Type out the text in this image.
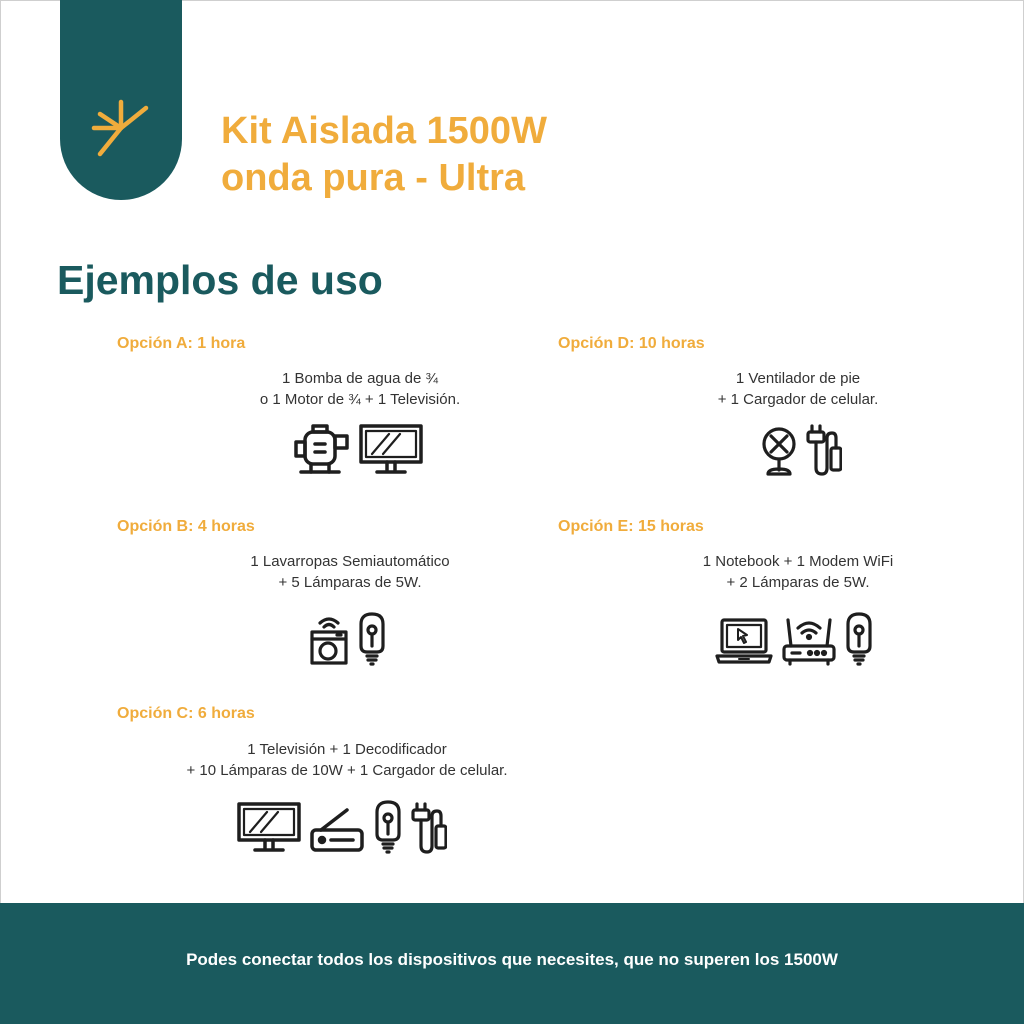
Kit Aislada 1500W
onda pura - Ultra
Ejemplos de uso
Opción A: 1 hora
1 Bomba de agua de ¾
o 1 Motor de ¾ + 1 Televisión.
Opción B: 4 horas
1 Lavarropas Semiautomático
+ 5 Lámparas de 5W.
Opción C: 6 horas
1 Televisión + 1 Decodificador
+ 10 Lámparas de 10W + 1 Cargador de celular.
Opción D: 10 horas
1 Ventilador de pie
+ 1 Cargador de celular.
Opción E: 15 horas
1 Notebook + 1 Modem WiFi
+ 2 Lámparas de 5W.
Podes conectar todos los dispositivos que necesites, que no superen los 1500W
